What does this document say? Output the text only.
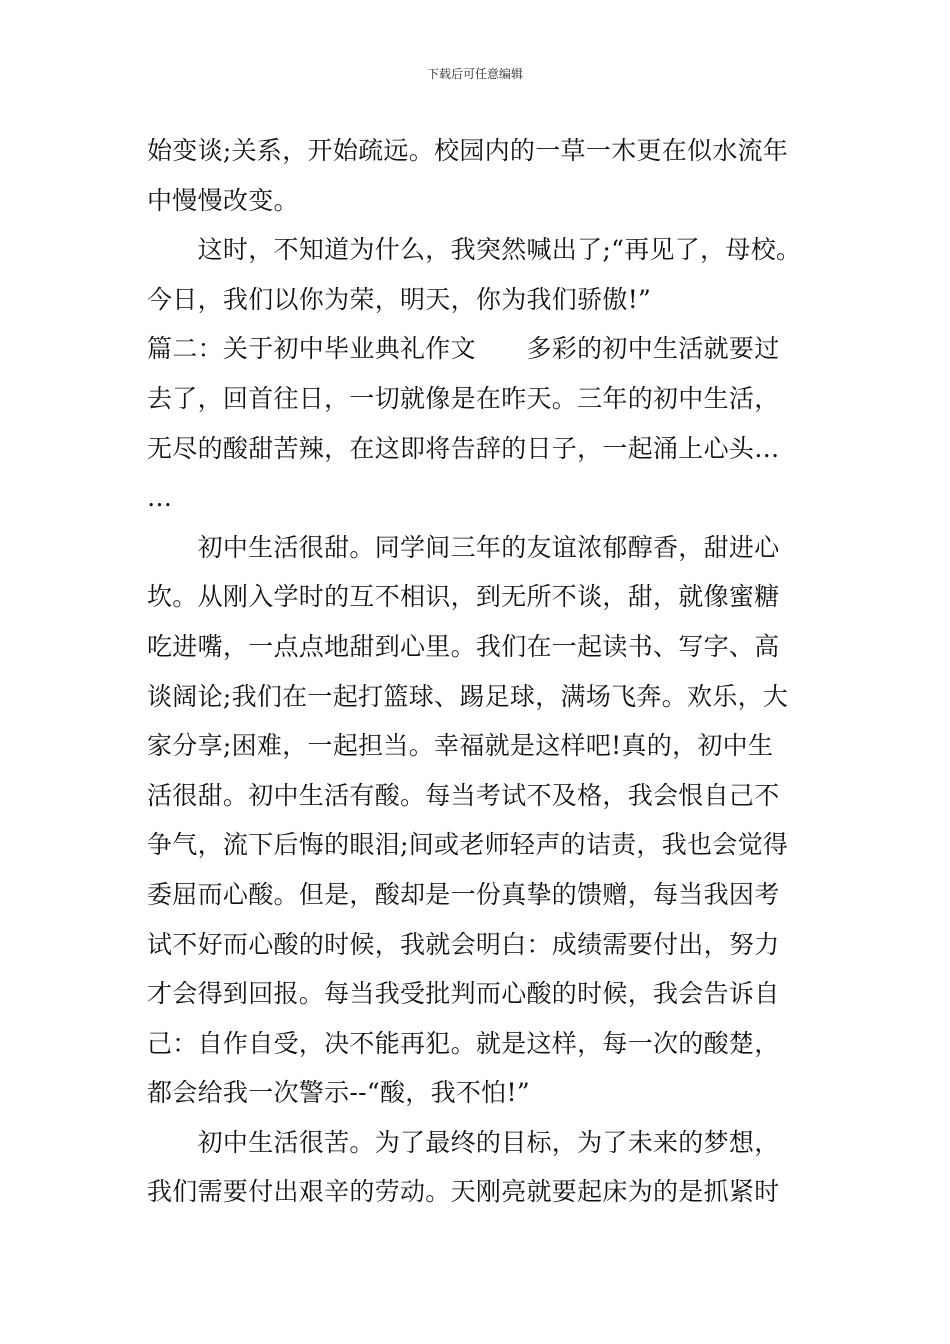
下载后可任意编辑
始变谈;关系，开始疏远。校园内的一草一木更在似水流年
中慢慢改变。
　　这时，不知道为什么，我突然喊出了;“再见了，母校。
今日，我们以你为荣，明天，你为我们骄傲!”
篇二：关于初中毕业典礼作文　　多彩的初中生活就要过
去了，回首往日，一切就像是在昨天。三年的初中生活，
无尽的酸甜苦辣，在这即将告辞的日子，一起涌上心头…
…
　　初中生活很甜。同学间三年的友谊浓郁醇香，甜进心
坎。从刚入学时的互不相识，到无所不谈，甜，就像蜜糖
吃进嘴，一点点地甜到心里。我们在一起读书、写字、高
谈阔论;我们在一起打篮球、踢足球，满场飞奔。欢乐，大
家分享;困难，一起担当。幸福就是这样吧!真的，初中生
活很甜。初中生活有酸。每当考试不及格，我会恨自己不
争气，流下后悔的眼泪;间或老师轻声的诘责，我也会觉得
委屈而心酸。但是，酸却是一份真挚的馈赠，每当我因考
试不好而心酸的时候，我就会明白：成绩需要付出，努力
才会得到回报。每当我受批判而心酸的时候，我会告诉自
己：自作自受，决不能再犯。就是这样，每一次的酸楚，
都会给我一次警示--“酸，我不怕!”
　　初中生活很苦。为了最终的目标，为了未来的梦想，
我们需要付出艰辛的劳动。天刚亮就要起床为的是抓紧时
